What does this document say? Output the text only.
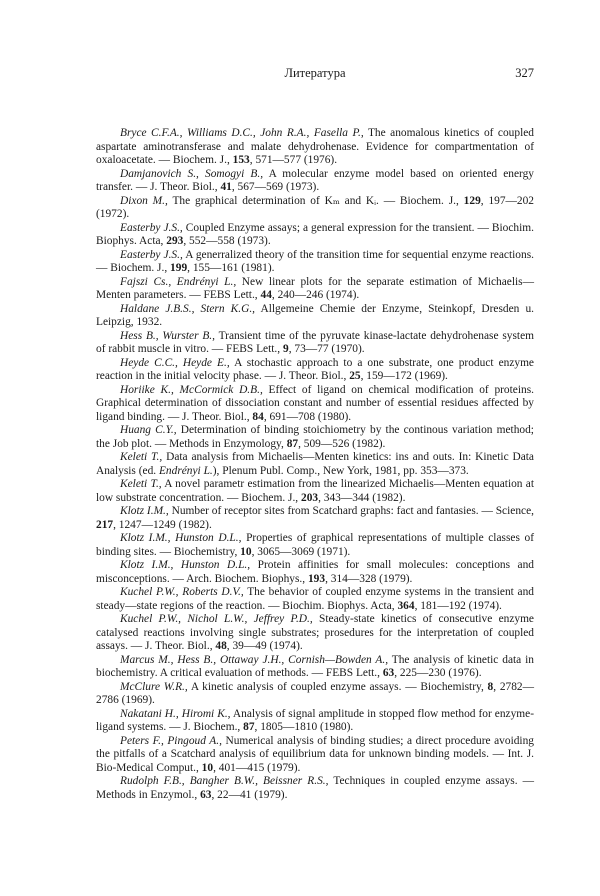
Литература	327

Bryce C.F.A., Williams D.C., John R.A., Fasella P., The anomalous kinetics of coupled aspartate aminotransferase and malate dehydrohenase. Evidence for compartmentation of oxaloacetate. — Biochem. J., 153, 571—577 (1976).

Damjanovich S., Somogyi B., A molecular enzyme model based on oriented energy transfer. — J. Theor. Biol., 41, 567—569 (1973).

Dixon M., The graphical determination of Kₘ and Kᵢ. — Biochem. J., 129, 197—202 (1972).

Easterby J.S., Coupled Enzyme assays; a general expression for the transient. — Biochim. Biophys. Acta, 293, 552—558 (1973).

Easterby J.S., A generralized theory of the transition time for sequential enzyme reactions. — Biochem. J., 199, 155—161 (1981).

Fajszi Cs., Endrényi L., New linear plots for the separate estimation of Michaelis—Menten parameters. — FEBS Lett., 44, 240—246 (1974).

Haldane J.B.S., Stern K.G., Allgemeine Chemie der Enzyme, Steinkopf, Dresden u. Leipzig, 1932.

Hess B., Wurster B., Transient time of the pyruvate kinase-lactate dehydrohenase system of rabbit muscle in vitro. — FEBS Lett., 9, 73—77 (1970).

Heyde C.C., Heyde E., A stochastic approach to a one substrate, one product enzyme reaction in the initial velocity phase. — J. Theor. Biol., 25, 159—172 (1969).

Horiike K., McCormick D.B., Effect of ligand on chemical modification of proteins. Graphical determination of dissociation constant and number of essential residues affected by ligand binding. — J. Theor. Biol., 84, 691—708 (1980).

Huang C.Y., Determination of binding stoichiometry by the continous variation method; the Job plot. — Methods in Enzymology, 87, 509—526 (1982).

Keleti T., Data analysis from Michaelis—Menten kinetics: ins and outs. In: Kinetic Data Analysis (ed. Endrényi L.), Plenum Publ. Comp., New York, 1981, pp. 353—373.

Keleti T., A novel parametr estimation from the linearized Michaelis—Menten equation at low substrate concentration. — Biochem. J., 203, 343—344 (1982).

Klotz I.M., Number of receptor sites from Scatchard graphs: fact and fantasies. — Science, 217, 1247—1249 (1982).

Klotz I.M., Hunston D.L., Properties of graphical representations of multiple classes of binding sites. — Biochemistry, 10, 3065—3069 (1971).

Klotz I.M., Hunston D.L., Protein affinities for small molecules: conceptions and misconceptions. — Arch. Biochem. Biophys., 193, 314—328 (1979).

Kuchel P.W., Roberts D.V., The behavior of coupled enzyme systems in the transient and steady—state regions of the reaction. — Biochim. Biophys. Acta, 364, 181—192 (1974).

Kuchel P.W., Nichol L.W., Jeffrey P.D., Steady-state kinetics of consecutive enzyme catalysed reactions involving single substrates; prosedures for the interpretation of coupled assays. — J. Theor. Biol., 48, 39—49 (1974).

Marcus M., Hess B., Ottaway J.H., Cornish—Bowden A., The analysis of kinetic data in biochemistry. A critical evaluation of methods. — FEBS Lett., 63, 225—230 (1976).

McClure W.R., A kinetic analysis of coupled enzyme assays. — Biochemistry, 8, 2782—2786 (1969).

Nakatani H., Hiromi K., Analysis of signal amplitude in stopped flow method for enzyme-ligand systems. — J. Biochem., 87, 1805—1810 (1980).

Peters F., Pingoud A., Numerical analysis of binding studies; a direct procedure avoiding the pitfalls of a Scatchard analysis of equilibrium data for unknown binding models. — Int. J. Bio-Medical Comput., 10, 401—415 (1979).

Rudolph F.B., Bangher B.W., Beissner R.S., Techniques in coupled enzyme assays. — Methods in Enzymol., 63, 22—41 (1979).
